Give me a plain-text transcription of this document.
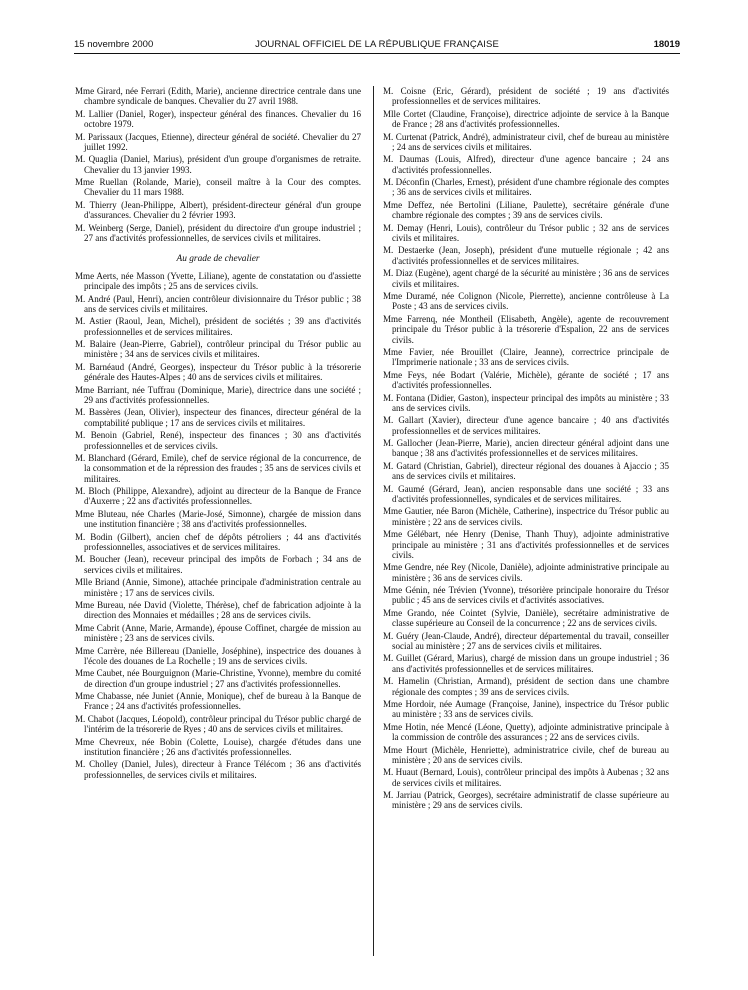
15 novembre 2000	JOURNAL OFFICIEL DE LA RÉPUBLIQUE FRANÇAISE	18019

Mme Girard, née Ferrari (Edith, Marie), ancienne directrice centrale dans une chambre syndicale de banques. Chevalier du 27 avril 1988.

M. Lallier (Daniel, Roger), inspecteur général des finances. Chevalier du 16 octobre 1979.

M. Parissaux (Jacques, Etienne), directeur général de société. Chevalier du 27 juillet 1992.

M. Quaglia (Daniel, Marius), président d'un groupe d'organismes de retraite. Chevalier du 13 janvier 1993.

Mme Ruellan (Rolande, Marie), conseil maître à la Cour des comptes. Chevalier du 11 mars 1988.

M. Thierry (Jean-Philippe, Albert), président-directeur général d'un groupe d'assurances. Chevalier du 2 février 1993.

M. Weinberg (Serge, Daniel), président du directoire d'un groupe industriel ; 27 ans d'activités professionnelles, de services civils et militaires.

Au grade de chevalier

Mme Aerts, née Masson (Yvette, Liliane), agente de constatation ou d'assiette principale des impôts ; 25 ans de services civils.

M. André (Paul, Henri), ancien contrôleur divisionnaire du Trésor public ; 38 ans de services civils et militaires.

M. Astier (Raoul, Jean, Michel), président de sociétés ; 39 ans d'activités professionnelles et de services militaires.

M. Balaire (Jean-Pierre, Gabriel), contrôleur principal du Trésor public au ministère ; 34 ans de services civils et militaires.

M. Barnéaud (André, Georges), inspecteur du Trésor public à la trésorerie générale des Hautes-Alpes ; 40 ans de services civils et militaires.

Mme Barriant, née Tuffrau (Dominique, Marie), directrice dans une société ; 29 ans d'activités professionnelles.

M. Bassères (Jean, Olivier), inspecteur des finances, directeur général de la comptabilité publique ; 17 ans de services civils et militaires.

M. Benoin (Gabriel, René), inspecteur des finances ; 30 ans d'activités professionnelles et de services civils.

M. Blanchard (Gérard, Emile), chef de service régional de la concurrence, de la consommation et de la répression des fraudes ; 35 ans de services civils et militaires.

M. Bloch (Philippe, Alexandre), adjoint au directeur de la Banque de France d'Auxerre ; 22 ans d'activités professionnelles.

Mme Bluteau, née Charles (Marie-José, Simonne), chargée de mission dans une institution financière ; 38 ans d'activités professionnelles.

M. Bodin (Gilbert), ancien chef de dépôts pétroliers ; 44 ans d'activités professionnelles, associatives et de services militaires.

M. Boucher (Jean), receveur principal des impôts de Forbach ; 34 ans de services civils et militaires.

Mlle Briand (Annie, Simone), attachée principale d'administration centrale au ministère ; 17 ans de services civils.

Mme Bureau, née David (Violette, Thérèse), chef de fabrication adjointe à la direction des Monnaies et médailles ; 28 ans de services civils.

Mme Cabrit (Anne, Marie, Armande), épouse Coffinet, chargée de mission au ministère ; 23 ans de services civils.

Mme Carrère, née Billereau (Danielle, Joséphine), inspectrice des douanes à l'école des douanes de La Rochelle ; 19 ans de services civils.

Mme Caubet, née Bourguignon (Marie-Christine, Yvonne), membre du comité de direction d'un groupe industriel ; 27 ans d'activités professionnelles.

Mme Chabasse, née Juniet (Annie, Monique), chef de bureau à la Banque de France ; 24 ans d'activités professionnelles.

M. Chabot (Jacques, Léopold), contrôleur principal du Trésor public chargé de l'intérim de la trésorerie de Ryes ; 40 ans de services civils et militaires.

Mme Chevreux, née Bobin (Colette, Louise), chargée d'études dans une institution financière ; 26 ans d'activités professionnelles.

M. Cholley (Daniel, Jules), directeur à France Télécom ; 36 ans d'activités professionnelles, de services civils et militaires.

M. Coisne (Eric, Gérard), président de société ; 19 ans d'activités professionnelles et de services militaires.

Mlle Cortet (Claudine, Françoise), directrice adjointe de service à la Banque de France ; 28 ans d'activités professionnelles.

M. Curtenat (Patrick, André), administrateur civil, chef de bureau au ministère ; 24 ans de services civils et militaires.

M. Daumas (Louis, Alfred), directeur d'une agence bancaire ; 24 ans d'activités professionnelles.

M. Déconfin (Charles, Ernest), président d'une chambre régionale des comptes ; 36 ans de services civils et militaires.

Mme Deffez, née Bertolini (Liliane, Paulette), secrétaire générale d'une chambre régionale des comptes ; 39 ans de services civils.

M. Demay (Henri, Louis), contrôleur du Trésor public ; 32 ans de services civils et militaires.

M. Destaerke (Jean, Joseph), président d'une mutuelle régionale ; 42 ans d'activités professionnelles et de services militaires.

M. Diaz (Eugène), agent chargé de la sécurité au ministère ; 36 ans de services civils et militaires.

Mme Duramé, née Colignon (Nicole, Pierrette), ancienne contrôleuse à La Poste ; 43 ans de services civils.

Mme Farrenq, née Montheil (Elisabeth, Angèle), agente de recouvrement principale du Trésor public à la trésorerie d'Espalion, 22 ans de services civils.

Mme Favier, née Brouillet (Claire, Jeanne), correctrice principale de l'Imprimerie nationale ; 33 ans de services civils.

Mme Feys, née Bodart (Valérie, Michèle), gérante de société ; 17 ans d'activités professionnelles.

M. Fontana (Didier, Gaston), inspecteur principal des impôts au ministère ; 33 ans de services civils.

M. Gallart (Xavier), directeur d'une agence bancaire ; 40 ans d'activités professionnelles et de services militaires.

M. Gallocher (Jean-Pierre, Marie), ancien directeur général adjoint dans une banque ; 38 ans d'activités professionnelles et de services militaires.

M. Gatard (Christian, Gabriel), directeur régional des douanes à Ajaccio ; 35 ans de services civils et militaires.

M. Gaumé (Gérard, Jean), ancien responsable dans une société ; 33 ans d'activités professionnelles, syndicales et de services militaires.

Mme Gautier, née Baron (Michèle, Catherine), inspectrice du Trésor public au ministère ; 22 ans de services civils.

Mme Gélébart, née Henry (Denise, Thanh Thuy), adjointe administrative principale au ministère ; 31 ans d'activités professionnelles et de services civils.

Mme Gendre, née Rey (Nicole, Danièle), adjointe administrative principale au ministère ; 36 ans de services civils.

Mme Génin, née Trévien (Yvonne), trésorière principale honoraire du Trésor public ; 45 ans de services civils et d'activités associatives.

Mme Grando, née Cointet (Sylvie, Danièle), secrétaire administrative de classe supérieure au Conseil de la concurrence ; 22 ans de services civils.

M. Guéry (Jean-Claude, André), directeur départemental du travail, conseiller social au ministère ; 27 ans de services civils et militaires.

M. Guillet (Gérard, Marius), chargé de mission dans un groupe industriel ; 36 ans d'activités professionnelles et de services militaires.

M. Hamelin (Christian, Armand), président de section dans une chambre régionale des comptes ; 39 ans de services civils.

Mme Hordoir, née Aumage (Françoise, Janine), inspectrice du Trésor public au ministère ; 33 ans de services civils.

Mme Hotin, née Mencé (Léone, Quetty), adjointe administrative principale à la commission de contrôle des assurances ; 22 ans de services civils.

Mme Hourt (Michèle, Henriette), administratrice civile, chef de bureau au ministère ; 20 ans de services civils.

M. Huaut (Bernard, Louis), contrôleur principal des impôts à Aubenas ; 32 ans de services civils et militaires.

M. Jarriau (Patrick, Georges), secrétaire administratif de classe supérieure au ministère ; 29 ans de services civils.
